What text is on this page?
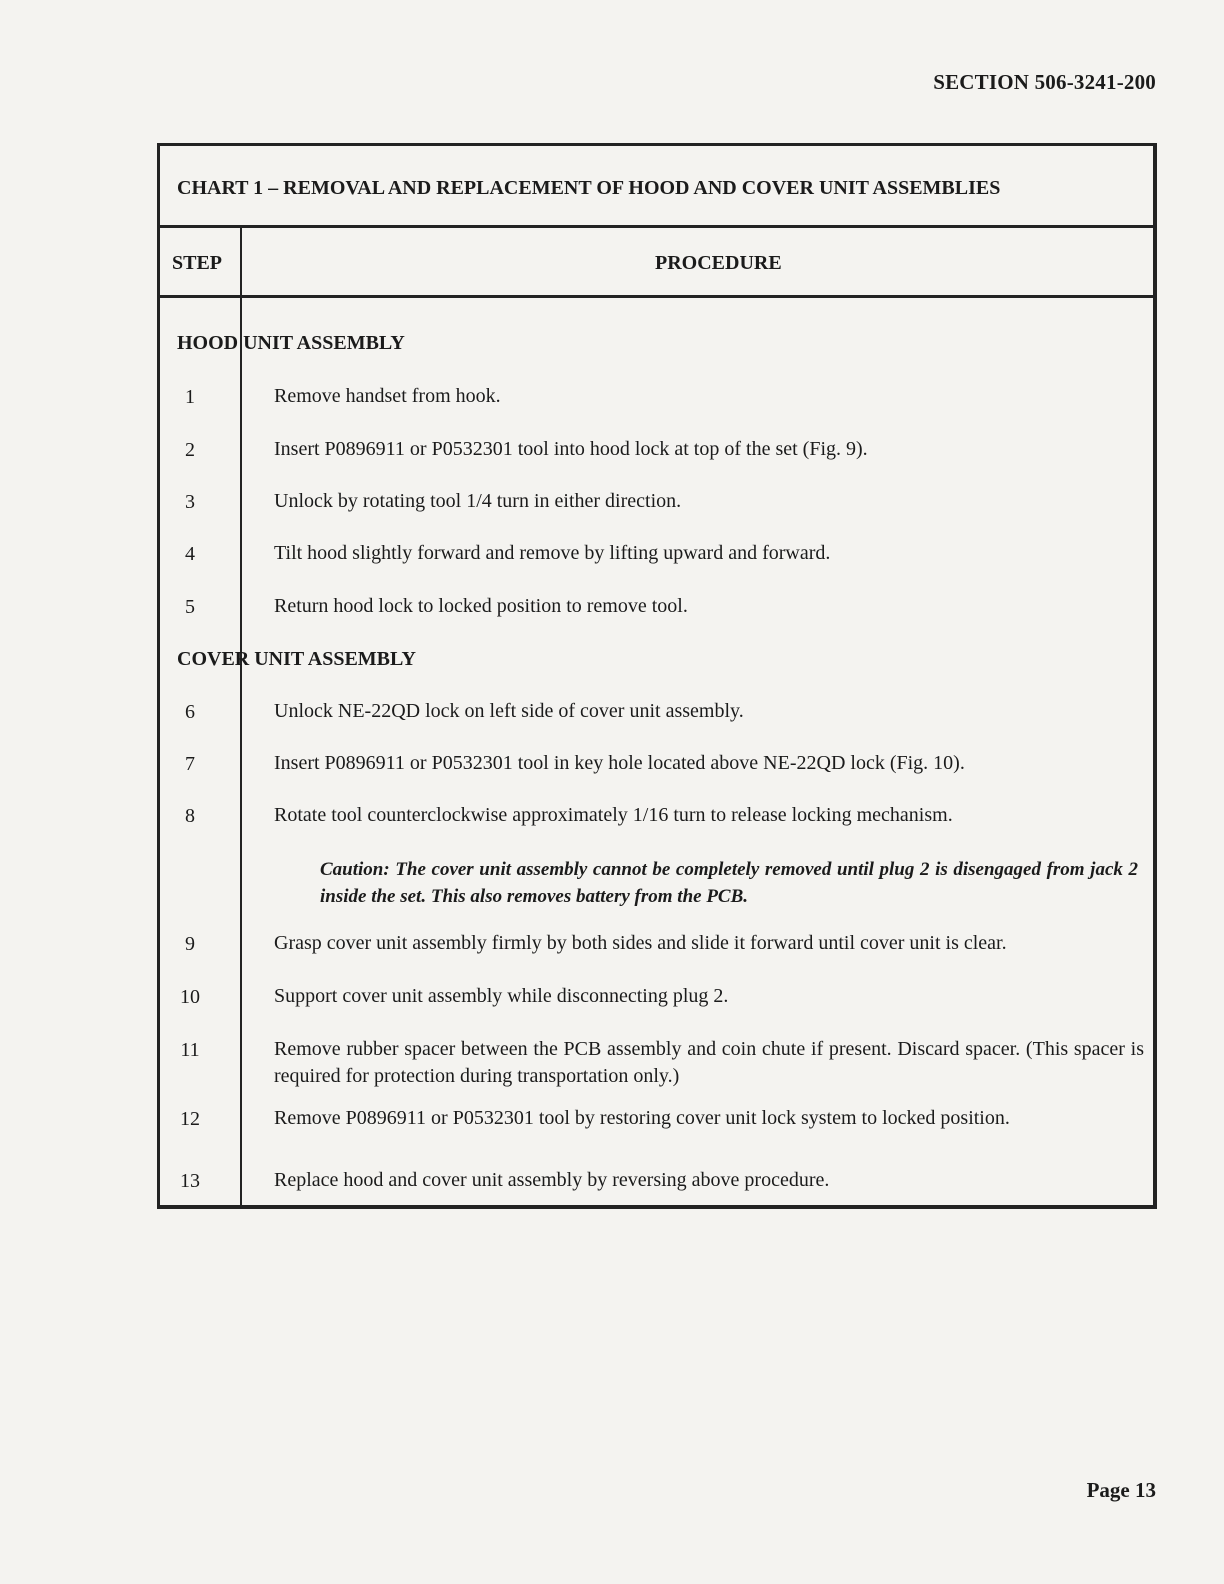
SECTION 506-3241-200
CHART 1 – REMOVAL AND REPLACEMENT OF HOOD AND COVER UNIT ASSEMBLIES
STEP	PROCEDURE
HOOD UNIT ASSEMBLY
1	Remove handset from hook.
2	Insert P0896911 or P0532301 tool into hood lock at top of the set (Fig. 9).
3	Unlock by rotating tool 1/4 turn in either direction.
4	Tilt hood slightly forward and remove by lifting upward and forward.
5	Return hood lock to locked position to remove tool.
COVER UNIT ASSEMBLY
6	Unlock NE-22QD lock on left side of cover unit assembly.
7	Insert P0896911 or P0532301 tool in key hole located above NE-22QD lock (Fig. 10).
8	Rotate tool counterclockwise approximately 1/16 turn to release locking mechanism.
Caution: The cover unit assembly cannot be completely removed until plug 2 is disengaged from jack 2 inside the set. This also removes battery from the PCB.
9	Grasp cover unit assembly firmly by both sides and slide it forward until cover unit is clear.
10	Support cover unit assembly while disconnecting plug 2.
11	Remove rubber spacer between the PCB assembly and coin chute if present. Discard spacer. (This spacer is required for protection during transportation only.)
12	Remove P0896911 or P0532301 tool by restoring cover unit lock system to locked position.
13	Replace hood and cover unit assembly by reversing above procedure.
Page 13
